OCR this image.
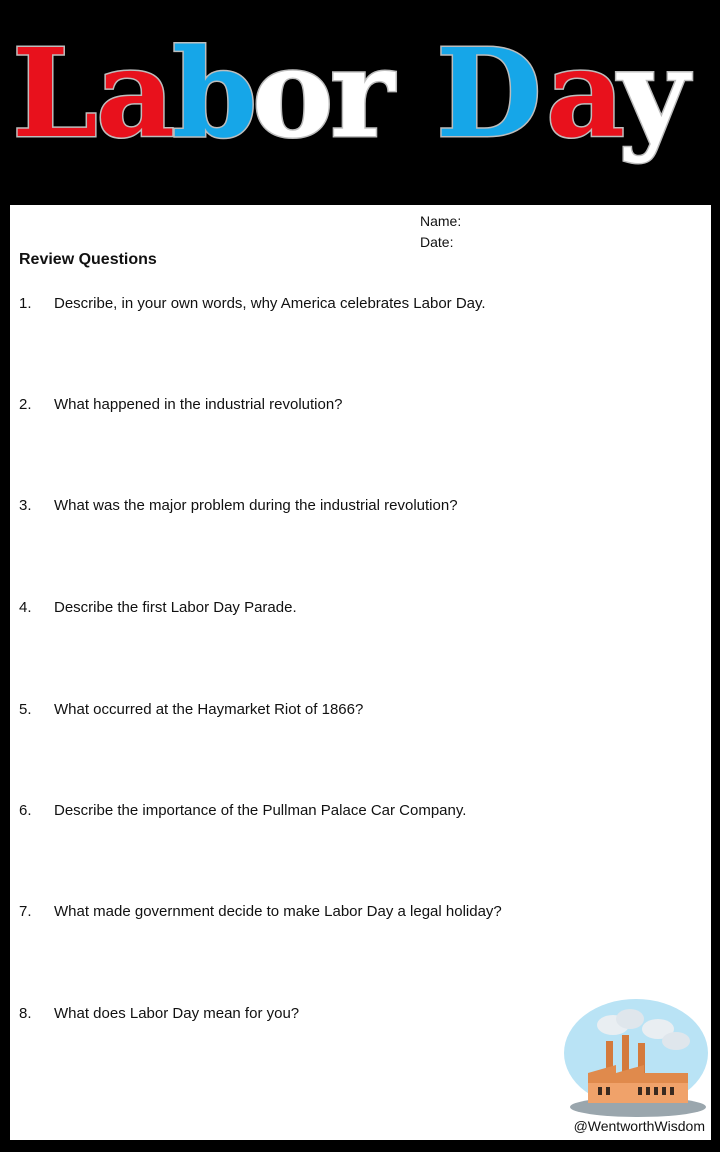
L
a
b
o
r D a
y
Name:
Date:
Review Questions
1. Describe, in your own words, why America celebrates Labor Day.
2. What happened in the industrial revolution?
3. What was the major problem during the industrial revolution?
4. Describe the first Labor Day Parade.
5. What occurred at the Haymarket Riot of 1866?
6. Describe the importance of the Pullman Palace Car Company.
7. What made government decide to make Labor Day a legal holiday?
8. What does Labor Day mean for you?
@WentworthWisdom
